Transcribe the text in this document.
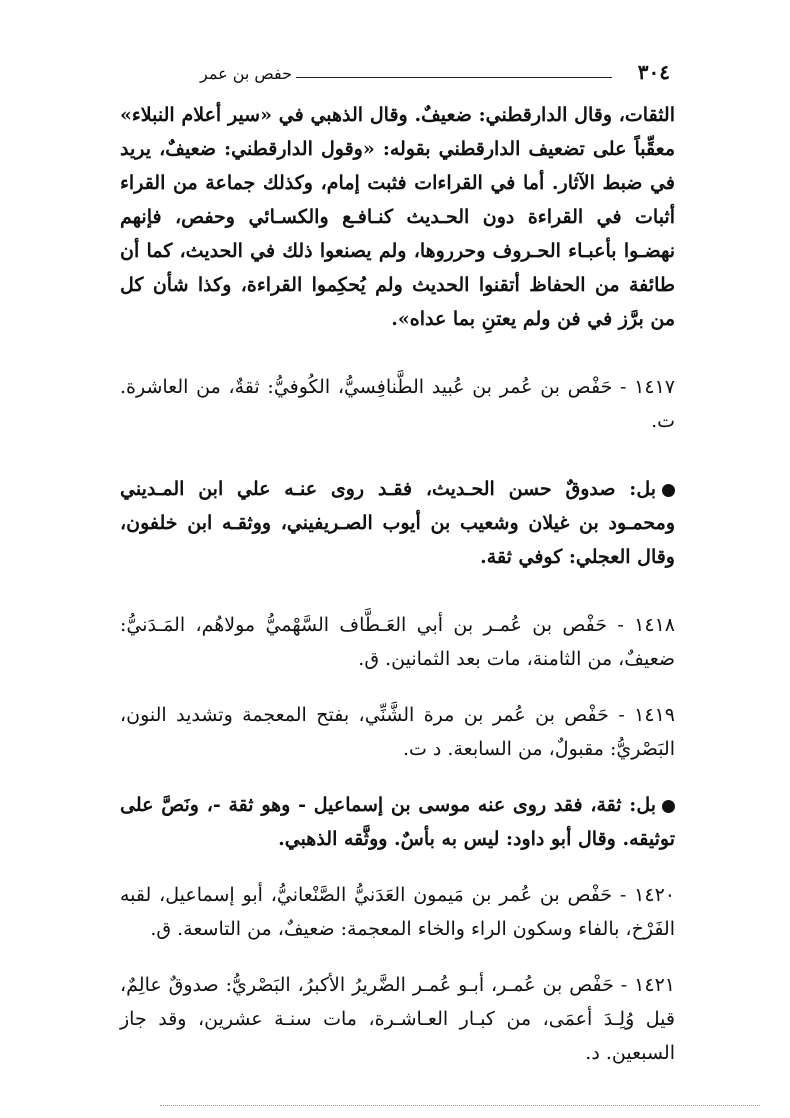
٣٠٤
حفص بن عمر

الثقات، وقال الدارقطني: ضعيفٌ. وقال الذهبي في «سير أعلام النبلاء» معقِّباً على تضعيف الدارقطني بقوله: «وقول الدارقطني: ضعيفٌ، يريد في ضبط الآثار. أما في القراءات فثبت إمام، وكذلك جماعة من القراء أثبات في القراءة دون الحـديث كنـافـع والكسـائي وحفص، فإنهم نهضـوا بأعبـاء الحـروف وحرروها، ولم يصنعوا ذلك في الحديث، كما أن طائفة من الحفاظ أتقنوا الحديث ولم يُحكِموا القراءة، وكذا شأن كل من برَّز في فن ولم يعتنِ بما عداه».

١٤١٧ - حَفْص بن عُمر بن عُبيد الطَّنافِسيُّ، الكُوفيُّ: ثقةٌ، من العاشرة. ت.

بل: صدوقٌ حسن الحـديث، فقـد روى عنـه علي ابن المـديني ومحمـود بن غيلان وشعيب بن أيوب الصـريفيني، ووثقـه ابن خلفون، وقال العجلي: كوفي ثقة.

١٤١٨ - حَفْص بن عُمـر بن أبي العَـطَّاف السَّهْميُّ مولاهُم، المَـدَنيُّ: ضعيفٌ، من الثامنة، مات بعد الثمانين. ق.

١٤١٩ - حَفْص بن عُمر بن مرة الشَّنِّي، بفتح المعجمة وتشديد النون، البَصْريُّ: مقبولٌ، من السابعة. د ت.

بل: ثقة، فقد روى عنه موسى بن إسماعيل - وهو ثقة -، ونَصَّ على توثيقه. وقال أبو داود: ليس به بأسٌ. ووثَّقه الذهبي.

١٤٢٠ - حَفْص بن عُمر بن مَيمون العَدَنيُّ الصَّنْعانيُّ، أبو إسماعيل، لقبه الفَرْخ، بالفاء وسكون الراء والخاء المعجمة: ضعيفٌ، من التاسعة. ق.

١٤٢١ - حَفْص بن عُمـر، أبـو عُمـر الضَّريرُ الأكبرُ، البَصْريُّ: صدوقٌ عالِمٌ، قيل وُلِـدَ أعمَى، من كبـار العـاشـرة، مات سنـة عشرين، وقد جاز السبعين. د.
